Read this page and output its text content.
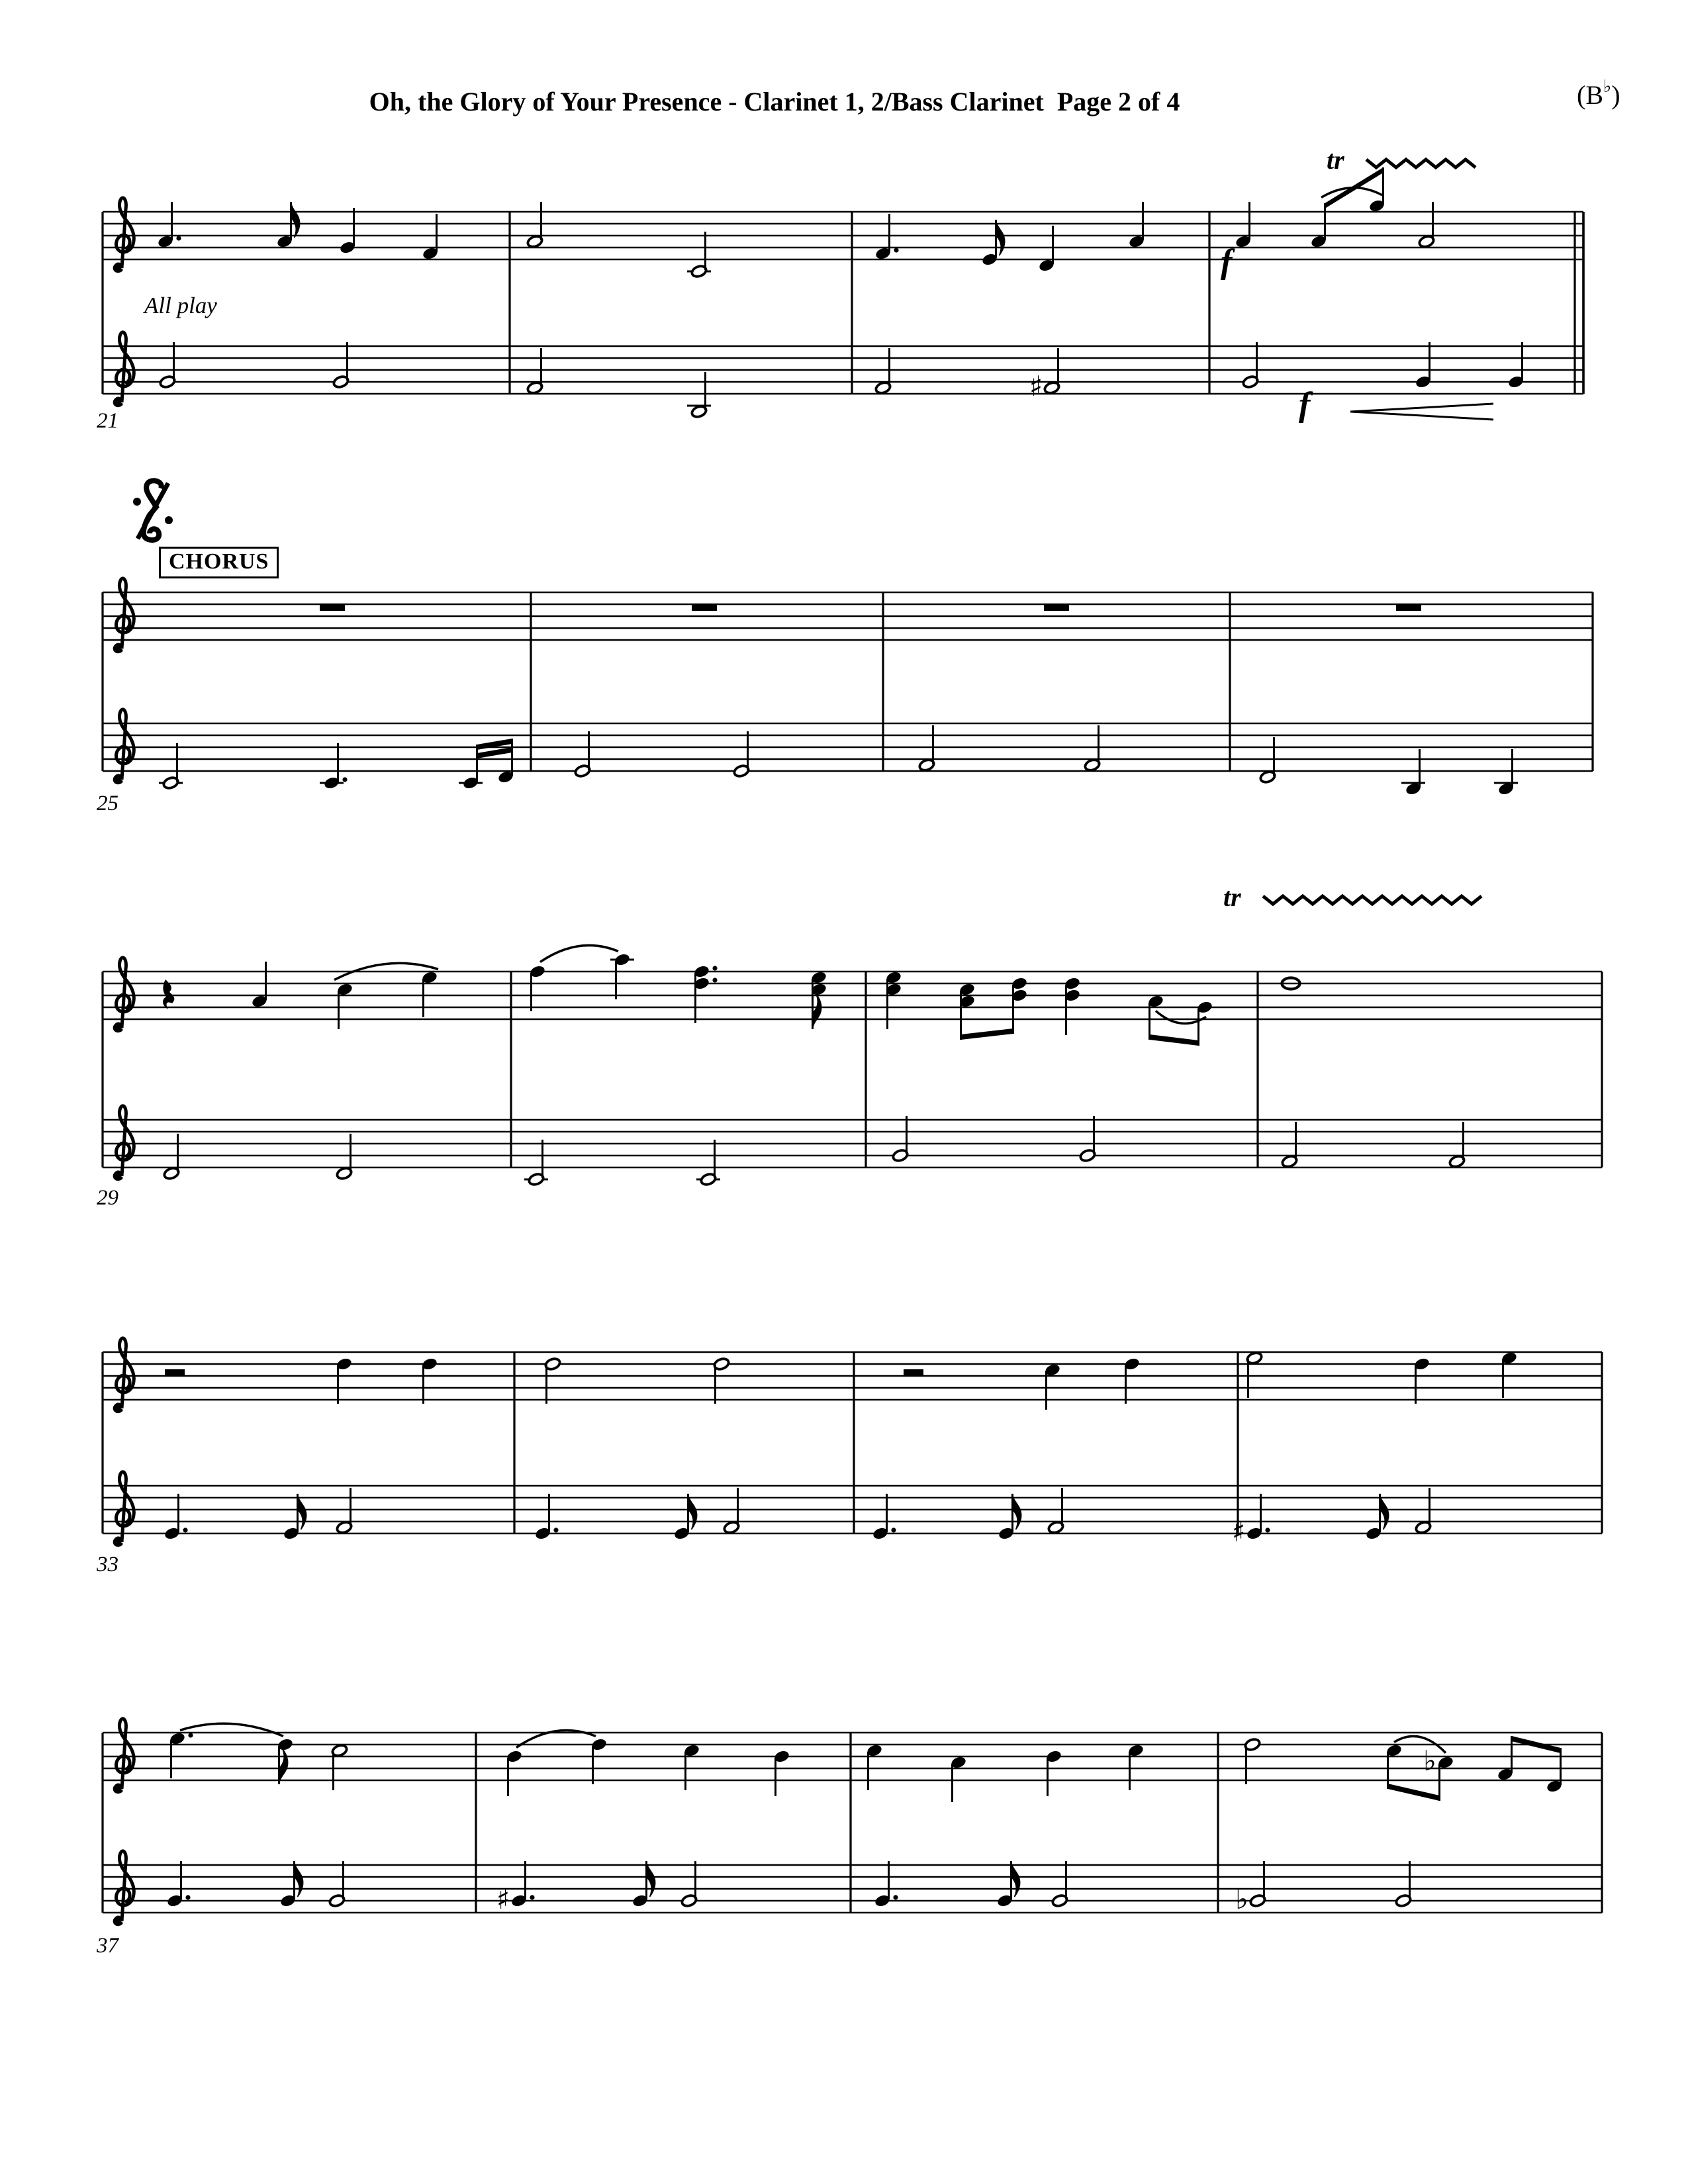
Oh, the Glory of Your Presence - Clarinet 1, 2/Bass Clarinet  Page 2 of 4	(B♭)
All play
CHORUS
tr
tr
f
f
21
25
29
33
37
♯
♯
♭
♯	♭
